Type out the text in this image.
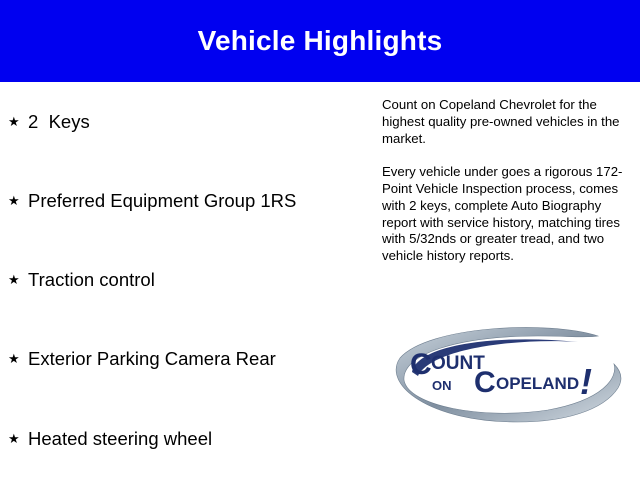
Vehicle Highlights
★ 2  Keys
★ Preferred Equipment Group 1RS
★ Traction control
★ Exterior Parking Camera Rear
★ Heated steering wheel

Count on Copeland Chevrolet for the highest quality pre-owned vehicles in the market.

Every vehicle under goes a rigorous 172-Point Vehicle Inspection process, comes with 2 keys, complete Auto Biography report with service history, matching tires with 5/32nds or greater tread, and two vehicle history reports.

C OUNT
ON C OPELAND !
